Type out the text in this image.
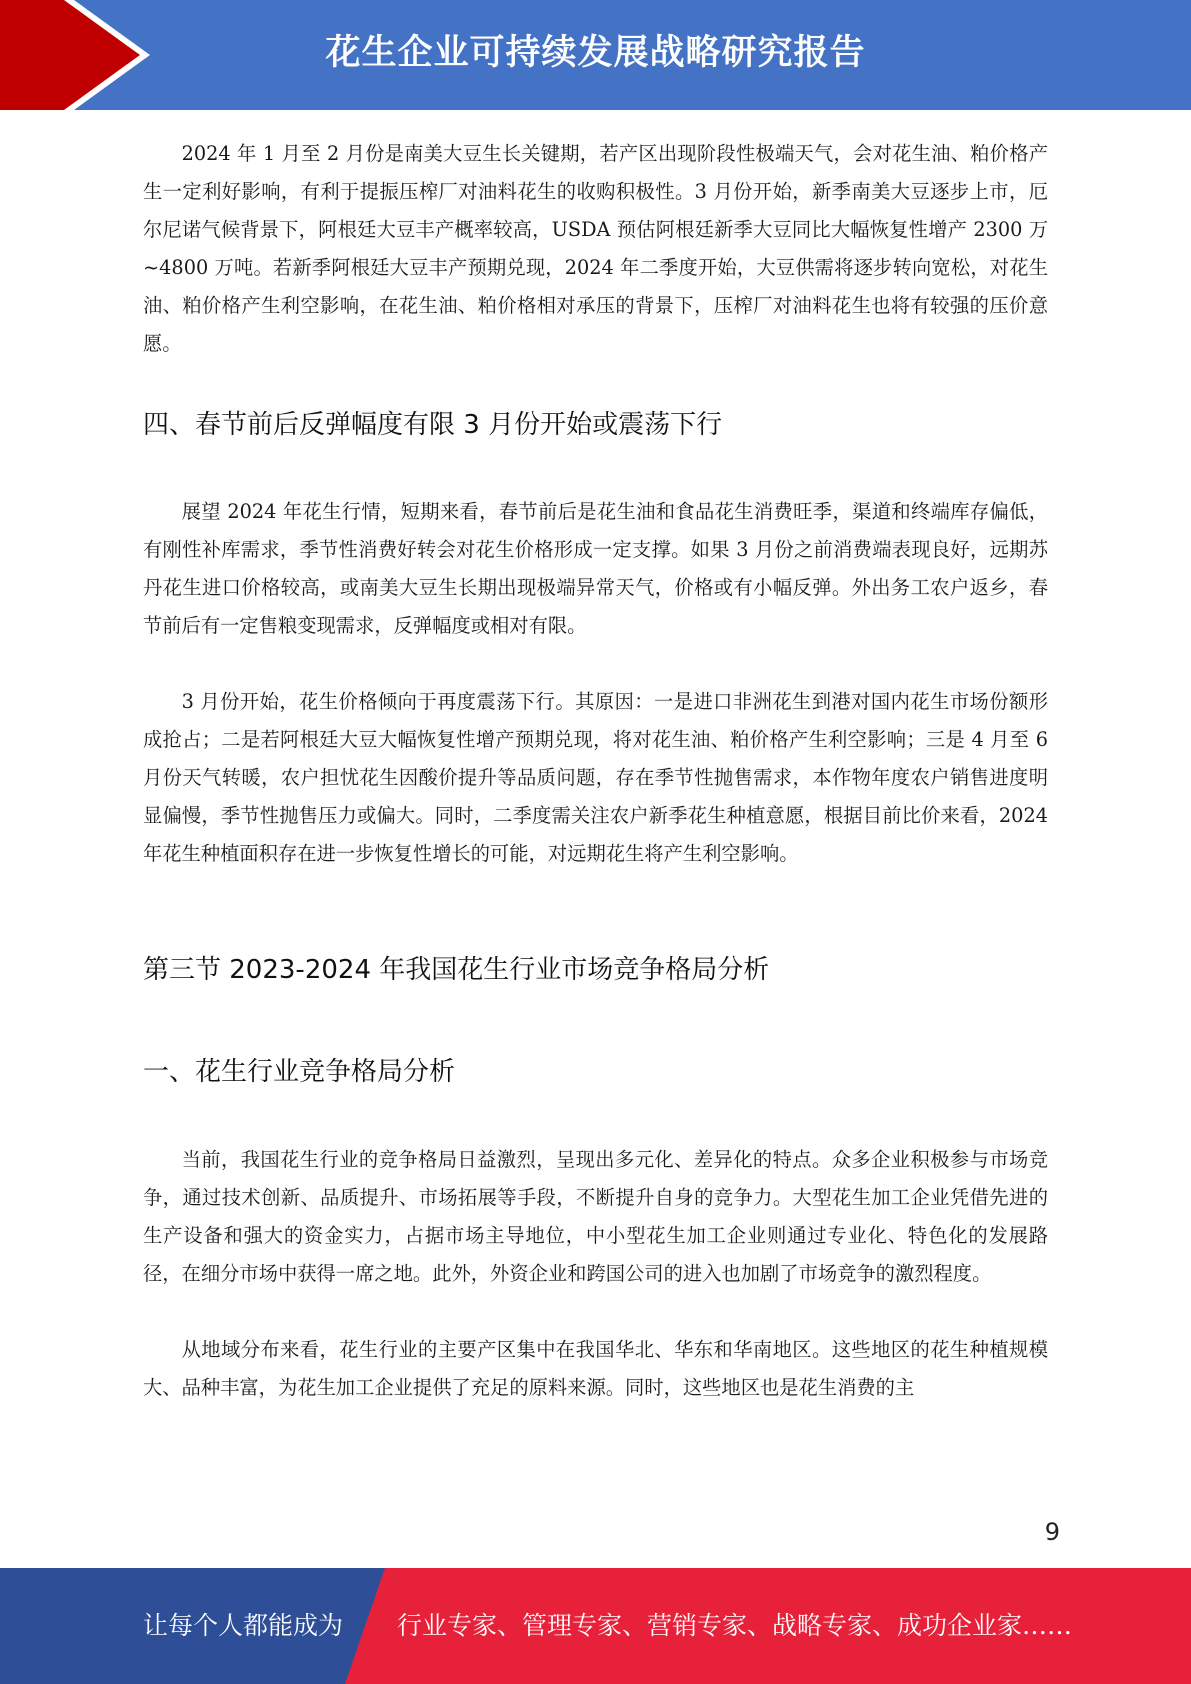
花生企业可持续发展战略研究报告

2024 年 1 月至 2 月份是南美大豆生长关键期，若产区出现阶段性极端天气，会对花生油、粕价格产生一定利好影响，有利于提振压榨厂对油料花生的收购积极性。3 月份开始，新季南美大豆逐步上市，厄尔尼诺气候背景下，阿根廷大豆丰产概率较高，USDA 预估阿根廷新季大豆同比大幅恢复性增产 2300 万~4800 万吨。若新季阿根廷大豆丰产预期兑现，2024 年二季度开始，大豆供需将逐步转向宽松，对花生油、粕价格产生利空影响，在花生油、粕价格相对承压的背景下，压榨厂对油料花生也将有较强的压价意愿。

四、春节前后反弹幅度有限 3 月份开始或震荡下行

展望 2024 年花生行情，短期来看，春节前后是花生油和食品花生消费旺季，渠道和终端库存偏低，有刚性补库需求，季节性消费好转会对花生价格形成一定支撑。如果 3 月份之前消费端表现良好，远期苏丹花生进口价格较高，或南美大豆生长期出现极端异常天气，价格或有小幅反弹。外出务工农户返乡，春节前后有一定售粮变现需求，反弹幅度或相对有限。

3 月份开始，花生价格倾向于再度震荡下行。其原因：一是进口非洲花生到港对国内花生市场份额形成抢占；二是若阿根廷大豆大幅恢复性增产预期兑现，将对花生油、粕价格产生利空影响；三是 4 月至 6 月份天气转暖，农户担忧花生因酸价提升等品质问题，存在季节性抛售需求，本作物年度农户销售进度明显偏慢，季节性抛售压力或偏大。同时，二季度需关注农户新季花生种植意愿，根据目前比价来看，2024 年花生种植面积存在进一步恢复性增长的可能，对远期花生将产生利空影响。

第三节 2023-2024 年我国花生行业市场竞争格局分析
一、花生行业竞争格局分析

当前，我国花生行业的竞争格局日益激烈，呈现出多元化、差异化的特点。众多企业积极参与市场竞争，通过技术创新、品质提升、市场拓展等手段，不断提升自身的竞争力。大型花生加工企业凭借先进的生产设备和强大的资金实力，占据市场主导地位，中小型花生加工企业则通过专业化、特色化的发展路径，在细分市场中获得一席之地。此外，外资企业和跨国公司的进入也加剧了市场竞争的激烈程度。

从地域分布来看，花生行业的主要产区集中在我国华北、华东和华南地区。这些地区的花生种植规模大、品种丰富，为花生加工企业提供了充足的原料来源。同时，这些地区也是花生消费的主

9
让每个人都能成为 行业专家、管理专家、营销专家、战略专家、成功企业家……
